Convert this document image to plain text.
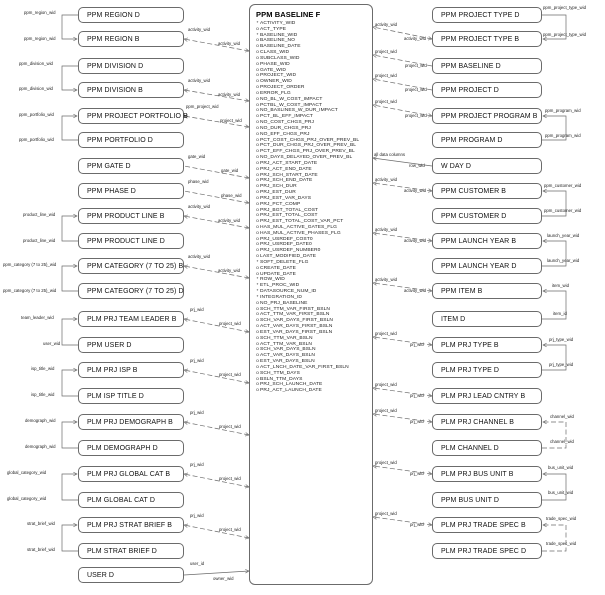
PPM REGION D
PPM REGION B
PPM DIVISION D
PPM DIVISION B
PPM PROJECT PORTFOLIO B
PPM PORTFOLIO D
PPM GATE D
PPM PHASE D
PPM PRODUCT LINE B
PPM PRODUCT LINE D
PPM CATEGORY (7 TO 25) B
PPM CATEGORY (7 TO 25) D
PLM PRJ TEAM LEADER B
PPM USER D
PLM PRJ ISP B
PLM ISP TITLE D
PLM PRJ DEMOGRAPH B
PLM DEMOGRAPH D
PLM PRJ GLOBAL CAT B
PLM GLOBAL CAT D
PLM PRJ STRAT BRIEF B
PLM STRAT BRIEF D
USER D
PPM PROJECT TYPE D
PPM PROJECT TYPE B
PPM BASELINE D
PPM PROJECT D
PPM PROJECT PROGRAM B
PPM PROGRAM D
W DAY D
PPM CUSTOMER B
PPM CUSTOMER D
PPM LAUNCH YEAR B
PPM LAUNCH YEAR D
PPM ITEM B
ITEM D
PLM PRJ TYPE B
PLM PRJ TYPE D
PLM PRJ LEAD CNTRY B
PLM PRJ CHANNEL B
PLM CHANNEL D
PLM PRJ BUS UNIT B
PPM BUS UNIT D
PLM PRJ TRADE SPEC B
PLM PRJ TRADE SPEC D
PPM BASELINE F
* ACTIVITY_WID
oACT_TYPE
* BASELINE_WID
oBASELINE_NO
oBASELINE_DATE
oCLASS_WID
oSUBCLASS_WID
oPHASE_WID
oGATE_WID
oPROJECT_WID
oOWNER_WID
oPROJECT_ORDER
oERROR_FLG
oNO_BL_W_COST_IMPACT
oPCTBL_W_COST_IMPACT
oNO_BASLINES_W_DUR_IMPACT
oPCT_BL_EFF_IMPACT
oNO_COST_CHGS_PRJ
oNO_DUR_CHGS_PRJ
oNO_EFF_CHGS_PRJ
oPCT_COST_CHGS_PRJ_OVER_PREV_BL
oPCT_DUR_CHGS_PRJ_OVER_PREV_BL
oPCT_EFF_CHGS_PRJ_OVER_PREV_BL
oNO_DAYS_DELAYED_OVER_PREV_BL
oPRJ_ACT_START_DATE
oPRJ_ACT_END_DATE
oPRJ_SCH_START_DATE
oPRJ_SCH_END_DATE
oPRJ_SCH_DUR
oPRJ_EST_DUR
oPRJ_EST_VAR_DAYS
oPRJ_PCT_COMP
oPRJ_BGT_TOTAL_COST
oPRJ_EST_TOTAL_COST
oPRJ_EST_TOTAL_COST_VAR_PCT
oHAS_MUL_ACTIVE_GATES_FLG
oHAS_MUL_ACTIVE_PHASES_FLG
oPRJ_USRDEF_COST0
oPRJ_USRDEF_DATE0
oPRJ_USRDEF_NUMBER0
oLAST_MODIFIED_DATE
* SOFT_DELETE_FLG
oCREATE_DATE
oUPDATE_DATE
* ROW_WID
* ETL_PROC_WID
* DATASOURCE_NUM_ID
* INTEGRATION_ID
oNO_PRJ_BASELINE
oSCH_TTM_VAR_FIRST_BSLN
oACT_TTM_VAR_FIRST_BSLN
oSCH_VAR_DAYS_FIRST_BSLN
oACT_VAR_DAYS_FIRST_BSLN
oEST_VAR_DAYS_FIRST_BSLN
oSCH_TTM_VAR_BSLN
oACT_TTM_VAR_BSLN
oSCH_VAR_DAYS_BSLN
oACT_VAR_DAYS_BSLN
oEST_VAR_DAYS_BSLN
oACT_LNCH_DATE_VAR_FIRST_BSLN
oSCH_TTM_DAYS
oBSLN_TTM_DAYS
oPRJ_SCH_LAUNCH_DATE
oPRJ_ACT_LAUNCH_DATE
ppm_region_wid
ppm_region_wid
ppm_division_wid
ppm_division_wid
ppm_portfolio_wid
ppm_portfolio_wid
product_line_wid
product_line_wid
ppm_category (7 to 25)_wid
ppm_category (7 to 25)_wid
team_leader_wid
user_wid
isp_title_wid
isp_title_wid
demograph_wid
demograph_wid
global_category_wid
global_category_wid
strat_brief_wid
strat_brief_wid
activity_wid
activity_wid
activity_wid
activity_wid
ppm_project_wid
project_wid
gate_wid
gate_wid
phase_wid
phase_wid
activity_wid
activity_wid
activity_wid
activity_wid
prj_wid
project_wid
prj_wid
project_wid
prj_wid
project_wid
prj_wid
project_wid
prj_wid
project_wid
user_id
owner_wid
activity_wid
activity_wid
project_wid
project_wid
project_wid
project_wid
project_wid
project_wid
all data columns
row_wid
activity_wid
activity_wid
activity_wid
activity_wid
activity_wid
activity_wid
project_wid
prj_wid
project_wid
prj_wid
project_wid
prj_wid
project_wid
prj_wid
project_wid
prj_wid
ppm_project_type_wid
ppm_project_type_wid
ppm_program_wid
ppm_program_wid
ppm_customer_wid
ppm_customer_wid
launch_year_wid
launch_year_wid
item_wid
item_id
prj_type_wid
prj_type_wid
channel_wid
channel_wid
bus_unit_wid
bus_unit_wid
trade_spec_wid
trade_spec_wid
